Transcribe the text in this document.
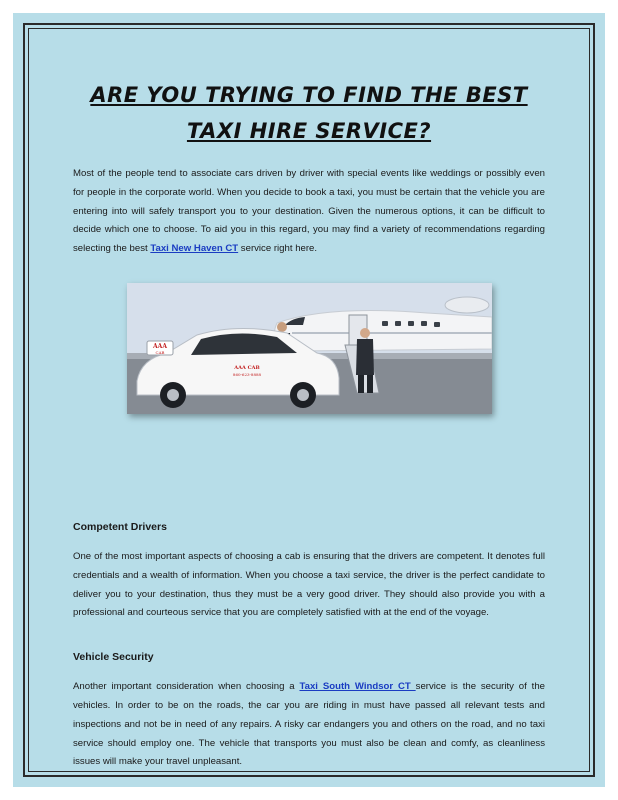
ARE YOU TRYING TO FIND THE BEST TAXI HIRE SERVICE?

Most of the people tend to associate cars driven by driver with special events like weddings or possibly even for people in the corporate world. When you decide to book a taxi, you must be certain that the vehicle you are entering into will safely transport you to your destination. Given the numerous options, it can be difficult to decide which one to choose. To aid you in this regard, you may find a variety of recommendations regarding selecting the best Taxi New Haven CT service right here.

AAA
CAB
AAA CAB
860-623-8888
Competent Drivers

One of the most important aspects of choosing a cab is ensuring that the drivers are competent. It denotes full credentials and a wealth of information. When you choose a taxi service, the driver is the perfect candidate to deliver you to your destination, thus they must be a very good driver. They should also provide you with a professional and courteous service that you are completely satisfied with at the end of the voyage.

Vehicle Security

Another important consideration when choosing a Taxi South Windsor CT service is the security of the vehicles. In order to be on the roads, the car you are riding in must have passed all relevant tests and inspections and not be in need of any repairs. A risky car endangers you and others on the road, and no taxi service should employ one. The vehicle that transports you must also be clean and comfy, as cleanliness issues will make your travel unpleasant.
